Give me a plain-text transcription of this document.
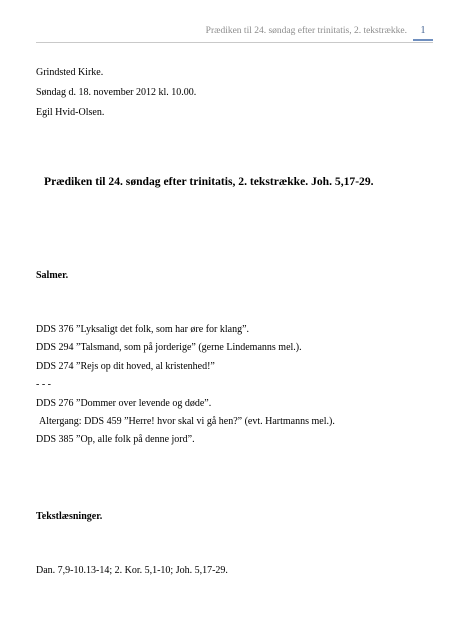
Prædiken til 24. søndag efter trinitatis, 2. tekstrække.	1
Grindsted Kirke.
Søndag d. 18. november 2012 kl. 10.00.
Egil Hvid-Olsen.
Prædiken til 24. søndag efter trinitatis, 2. tekstrække. Joh. 5,17-29.
Salmer.
DDS 376 ”Lyksaligt det folk, som har øre for klang”.
DDS 294 ”Talsmand, som på jorderige” (gerne Lindemanns mel.).
DDS 274 ”Rejs op dit hoved, al kristenhed!”
- - -
DDS 276 ”Dommer over levende og døde”.
Altergang: DDS 459 ”Herre! hvor skal vi gå hen?” (evt. Hartmanns mel.).
DDS 385 ”Op, alle folk på denne jord”.
Tekstlæsninger.
Dan. 7,9-10.13-14; 2. Kor. 5,1-10; Joh. 5,17-29.
